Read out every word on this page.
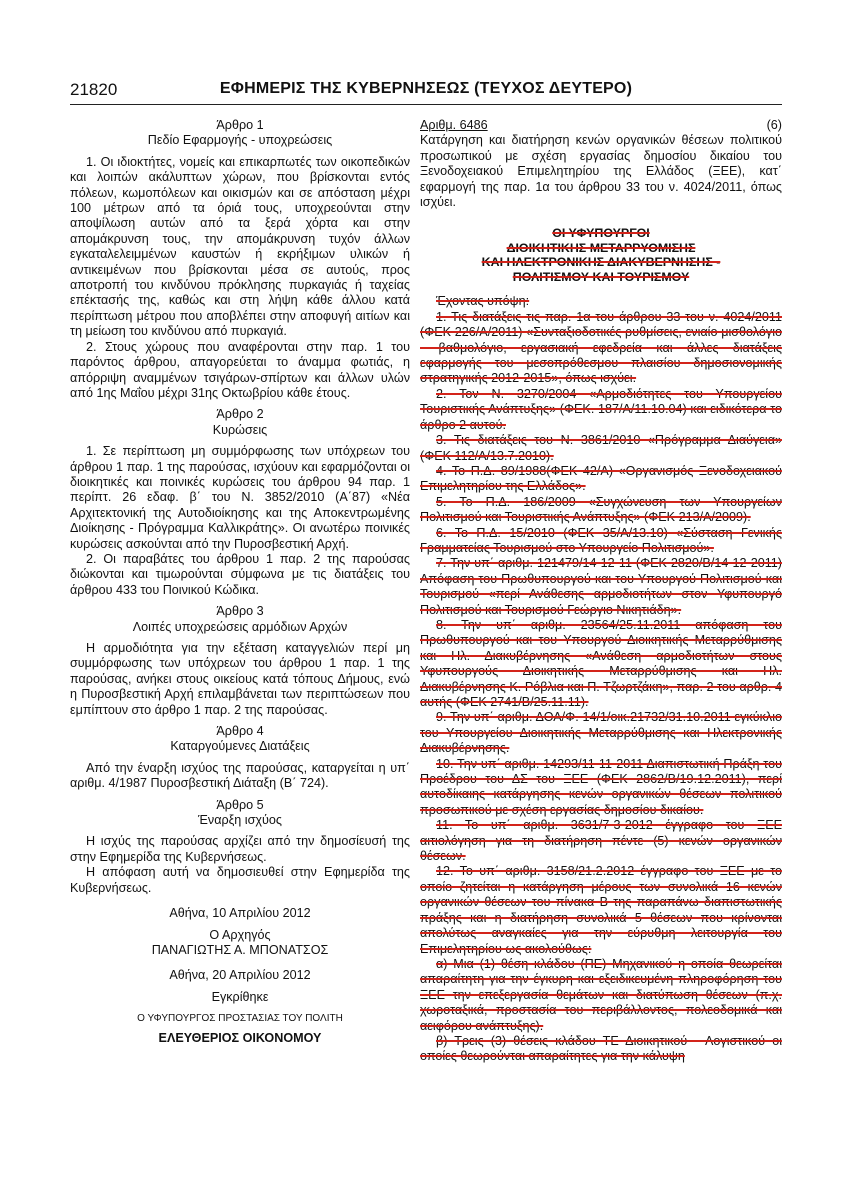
21820	ΕΦΗΜΕΡΙΣ ΤΗΣ ΚΥΒΕΡΝΗΣΕΩΣ (ΤΕΥΧΟΣ ΔΕΥΤΕΡΟ)

Άρθρο 1

Πεδίο Εφαρμογής - υποχρεώσεις

1. Οι ιδιοκτήτες, νομείς και επικαρπωτές των οικοπεδικών και λοιπών ακάλυπτων χώρων, που βρίσκονται εντός πόλεων, κωμοπόλεων και οικισμών και σε απόσταση μέχρι 100 μέτρων από τα όριά τους, υποχρεούνται στην αποψίλωση αυτών από τα ξερά χόρτα και στην απομάκρυνση τους, την απομάκρυνση τυχόν άλλων εγκαταλελειμμένων καυστών ή εκρήξιμων υλικών ή αντικειμένων που βρίσκονται μέσα σε αυτούς, προς αποτροπή του κινδύνου πρόκλησης πυρκαγιάς ή ταχείας επέκτασής της, καθώς και στη λήψη κάθε άλλου κατά περίπτωση μέτρου που αποβλέπει στην αποφυγή αιτίων και τη μείωση του κινδύνου από πυρκαγιά.

2. Στους χώρους που αναφέρονται στην παρ. 1 του παρόντος άρθρου, απαγορεύεται το άναμμα φωτιάς, η απόρριψη αναμμένων τσιγάρων-σπίρτων και άλλων υλών από 1ης Μαΐου μέχρι 31ης Οκτωβρίου κάθε έτους.

Άρθρο 2

Κυρώσεις

1. Σε περίπτωση μη συμμόρφωσης των υπόχρεων του άρθρου 1 παρ. 1 της παρούσας, ισχύουν και εφαρμόζονται οι διοικητικές και ποινικές κυρώσεις του άρθρου 94 παρ. 1 περίπτ. 26 εδαφ. β΄ του Ν. 3852/2010 (Α΄87) «Νέα Αρχιτεκτονική της Αυτοδιοίκησης και της Αποκεντρωμένης Διοίκησης - Πρόγραμμα Καλλικράτης». Οι ανωτέρω ποινικές κυρώσεις ασκούνται από την Πυροσβεστική Αρχή.

2. Οι παραβάτες του άρθρου 1 παρ. 2 της παρούσας διώκονται και τιμωρούνται σύμφωνα με τις διατάξεις του άρθρου 433 του Ποινικού Κώδικα.

Άρθρο 3

Λοιπές υποχρεώσεις αρμόδιων Αρχών

Η αρμοδιότητα για την εξέταση καταγγελιών περί μη συμμόρφωσης των υπόχρεων του άρθρου 1 παρ. 1 της παρούσας, ανήκει στους οικείους κατά τόπους Δήμους, ενώ η Πυροσβεστική Αρχή επιλαμβάνεται των περιπτώσεων που εμπίπτουν στο άρθρο 1 παρ. 2 της παρούσας.

Άρθρο 4

Καταργούμενες Διατάξεις

Από την έναρξη ισχύος της παρούσας, καταργείται η υπ΄ αριθμ. 4/1987 Πυροσβεστική Διάταξη (Β΄ 724).

Άρθρο 5

Έναρξη ισχύος

Η ισχύς της παρούσας αρχίζει από την δημοσίευσή της στην Εφημερίδα της Κυβερνήσεως.

Η απόφαση αυτή να δημοσιευθεί στην Εφημερίδα της Κυβερνήσεως.

Αθήνα, 10 Απριλίου 2012

Ο Αρχηγός

ΠΑΝΑΓΙΩΤΗΣ Α. ΜΠΟΝΑΤΣΟΣ

Αθήνα, 20 Απριλίου 2012

Εγκρίθηκε

Ο ΥΦΥΠΟΥΡΓΟΣ ΠΡΟΣΤΑΣΙΑΣ ΤΟΥ ΠΟΛΙΤΗ

ΕΛΕΥΘΕΡΙΟΣ ΟΙΚΟΝΟΜΟΥ

Αριθμ. 6486	(6)

Κατάργηση και διατήρηση κενών οργανικών θέσεων πολιτικού προσωπικού με σχέση εργασίας δημοσίου δικαίου του Ξενοδοχειακού Επιμελητηρίου της Ελλάδος (ΞΕΕ), κατ΄ εφαρμογή της παρ. 1α του άρθρου 33 του ν. 4024/2011, όπως ισχύει.

ΟΙ ΥΦΥΠΟΥΡΓΟΙ
ΔΙΟΙΚΗΤΙΚΗΣ ΜΕΤΑΡΡΥΘΜΙΣΗΣ
ΚΑΙ ΗΛΕΚΤΡΟΝΙΚΗΣ ΔΙΑΚΥΒΕΡΝΗΣΗΣ -
ΠΟΛΙΤΙΣΜΟΥ ΚΑΙ ΤΟΥΡΙΣΜΟΥ

Έχοντας υπόψη:

1. Τις διατάξεις τις παρ. 1α του άρθρου 33 του ν. 4024/2011 (ΦΕΚ 226/Α/2011) «Συνταξιοδοτικές ρυθμίσεις, ενιαίο μισθολόγιο - βαθμολόγιο, εργασιακή εφεδρεία και άλλες διατάξεις εφαρμογής του μεσοπρόθεσμου πλαισίου δημοσιονομικής στρατηγικής 2012-2015», όπως ισχύει.

2. Τον Ν. 3270/2004 «Αρμοδιότητες του Υπουργείου Τουριστικής Ανάπτυξης» (ΦΕΚ. 187/Α/11.10.04) και ειδικότερα το άρθρο 2 αυτού.

3. Τις διατάξεις του Ν. 3861/2010 «Πρόγραμμα Διαύγεια» (ΦΕΚ 112/Α/13.7.2010).

4. Το Π.Δ. 89/1988(ΦΕΚ 42/Α) «Οργανισμός Ξενοδοχειακού Επιμελητηρίου της Ελλάδος».

5. Το Π.Δ. 186/2009 «Συγχώνευση των Υπουργείων Πολιτισμού και Τουριστικής Ανάπτυξης» (ΦΕΚ 213/Α/2009).

6. Το Π.Δ. 15/2010 (ΦΕΚ 35/Α/13.10) «Σύσταση Γενικής Γραμματείας Τουρισμού στο Υπουργείο Πολιτισμού».

7. Την υπ΄ αριθμ. 121479/14-12-11 (ΦΕΚ 2820/Β/14-12-2011) Απόφαση του Πρωθυπουργού και του Υπουργού Πολιτισμού και Τουρισμού «περί Ανάθεσης αρμοδιοτήτων στον Υφυπουργό Πολιτισμού και Τουρισμού Γεώργιο Νικητιάδη».

8. Την υπ΄ αριθμ. 23564/25.11.2011 απόφαση του Πρωθυπουργού και του Υπουργού Διοικητικής Μεταρρύθμισης και Ηλ. Διακυβέρνησης «Ανάθεση αρμοδιοτήτων στους Υφυπουργούς Διοικητικής Μεταρρύθμισης και Ηλ. Διακυβέρνησης Κ. Ρόβλια και Π. Τζωρτζάκη», παρ. 2 του αρθρ. 4 αυτής (ΦΕΚ 2741/Β/25.11.11).

9. Την υπ΄ αριθμ. ΔΟΑ/Φ. 14/1/οικ.21732/31.10.2011 εγκύκλιο του Υπουργείου Διοικητικής Μεταρρύθμισης και Ηλεκτρονικής Διακυβέρνησης.

10. Την υπ΄ αριθμ. 14293/11-11-2011 Διαπιστωτική Πράξη του Προέδρου του ΔΣ του ΞΕΕ (ΦΕΚ 2862/Β/19.12.2011), περί αυτοδίκαιης κατάργησης κενών οργανικών θέσεων πολιτικού προσωπικού με σχέση εργασίας δημοσίου δικαίου.

11. Το υπ΄ αριθμ. 3631/7-3-2012 έγγραφο του ΞΕΕ αιτιολόγηση για τη διατήρηση πέντε (5) κενών οργανικών θέσεων.

12. Το υπ΄ αριθμ. 3158/21.2.2012 έγγραφο του ΞΕΕ με το οποίο ζητείται η κατάργηση μέρους των συνολικά 16 κενών οργανικών θέσεων του πίνακα Β της παραπάνω διαπιστωτικής πράξης και η διατήρηση συνολικά 5 θέσεων που κρίνονται απολύτως αναγκαίες για την εύρυθμη λειτουργία του Επιμελητηρίου ως ακολούθως:

α) Μια (1) θέση κλάδου (ΠΕ) Μηχανικού η οποία θεωρείται απαραίτητη για την έγκυρη και εξειδικευμένη πληροφόρηση του ΞΕΕ την επεξεργασία θεμάτων και διατύπωση θέσεων (π.χ. χωροταξικά, προστασία του περιβάλλοντος, πολεοδομικά και αειφόρου ανάπτυξης).

β) Τρεις (3) θέσεις κλάδου ΤΕ Διοικητικού - Λογιστικού οι οποίες θεωρούνται απαραίτητες για την κάλυψη
